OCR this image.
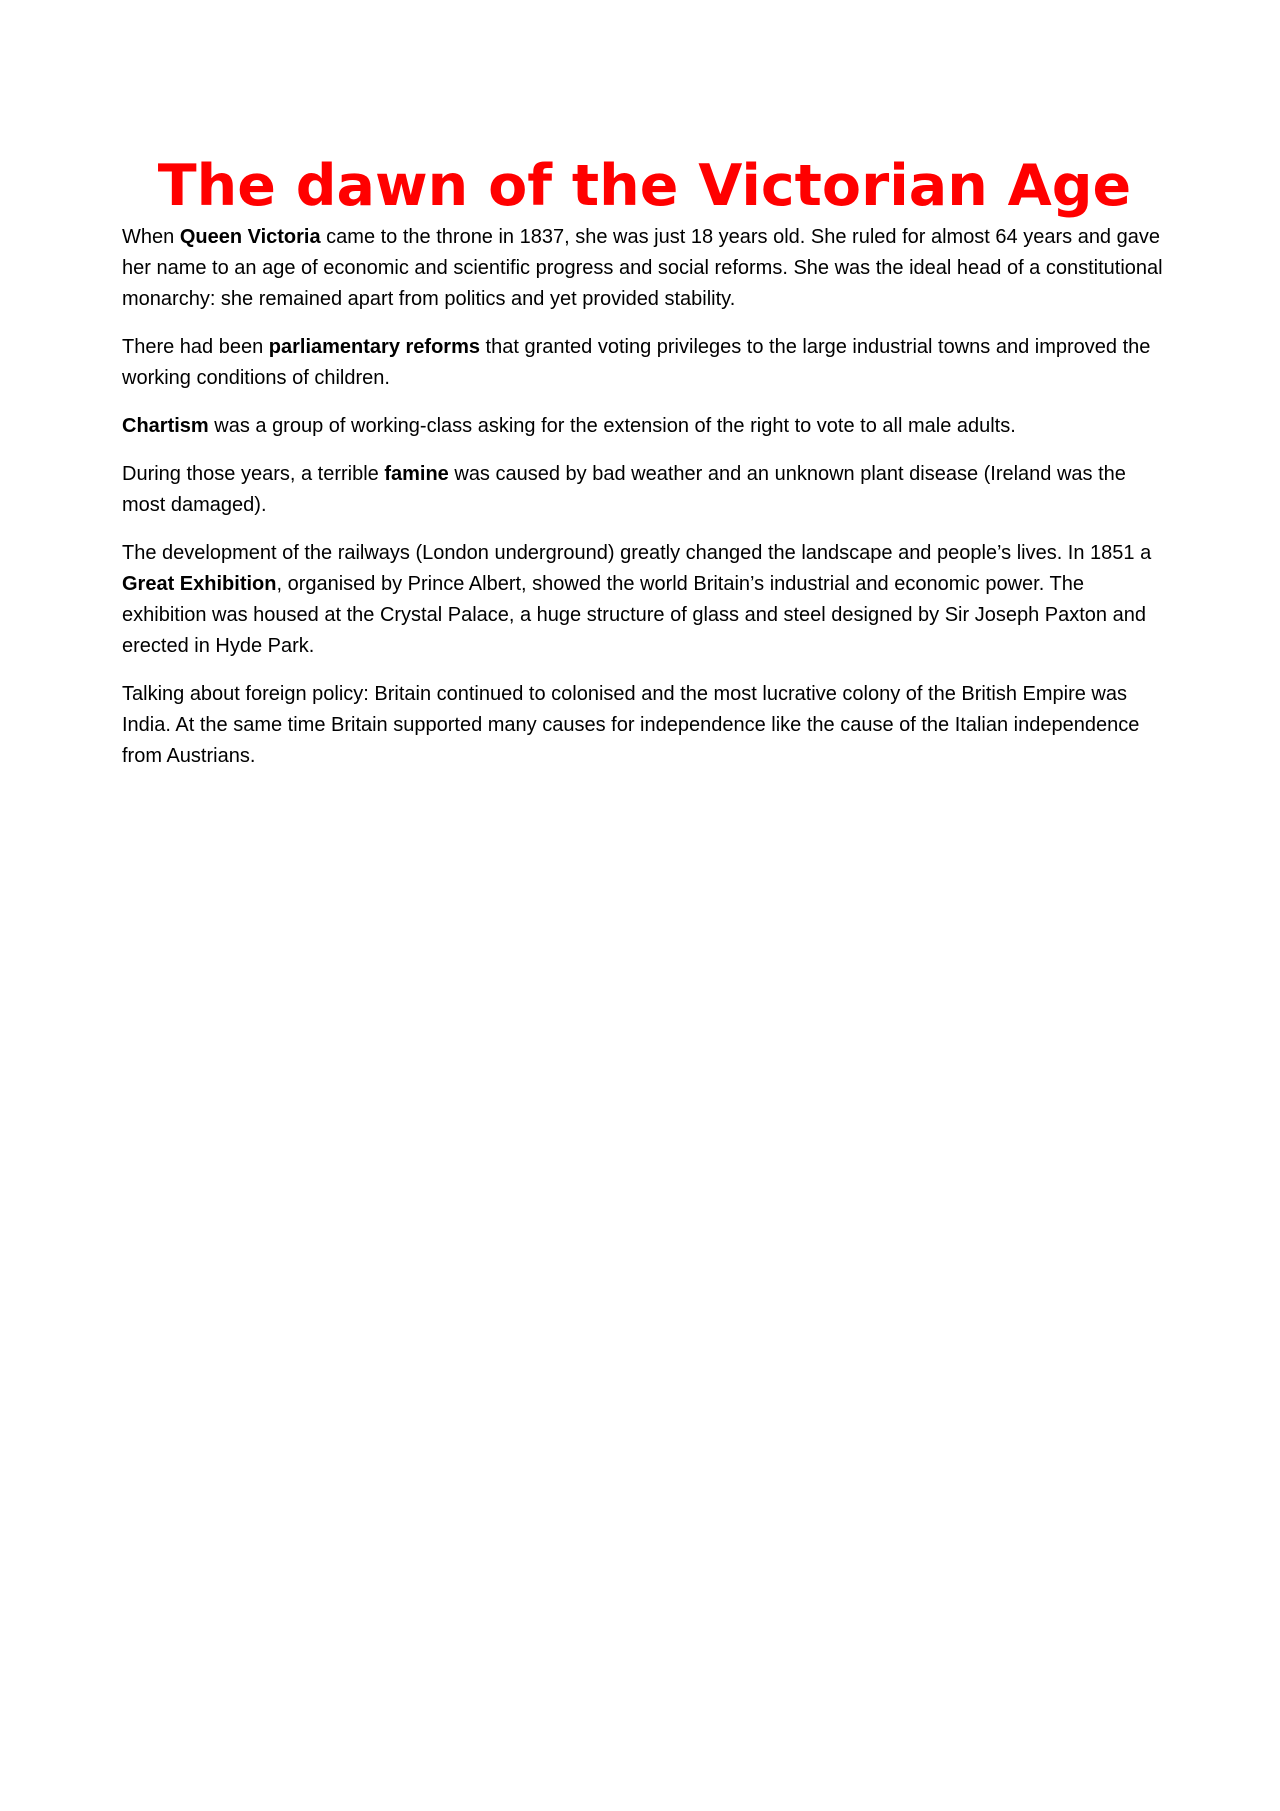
The dawn of the Victorian Age

When Queen Victoria came to the throne in 1837, she was just 18 years old. She ruled for almost 64 years and gave her name to an age of economic and scientific progress and social reforms. She was the ideal head of a constitutional monarchy: she remained apart from politics and yet provided stability.

There had been parliamentary reforms that granted voting privileges to the large industrial towns and improved the working conditions of children.

Chartism was a group of working-class asking for the extension of the right to vote to all male adults.

During those years, a terrible famine was caused by bad weather and an unknown plant disease (Ireland was the most damaged).

The development of the railways (London underground) greatly changed the landscape and people’s lives. In 1851 a Great Exhibition, organised by Prince Albert, showed the world Britain’s industrial and economic power. The exhibition was housed at the Crystal Palace, a huge structure of glass and steel designed by Sir Joseph Paxton and erected in Hyde Park.

Talking about foreign policy: Britain continued to colonised and the most lucrative colony of the British Empire was India. At the same time Britain supported many causes for independence like the cause of the Italian independence from Austrians.
